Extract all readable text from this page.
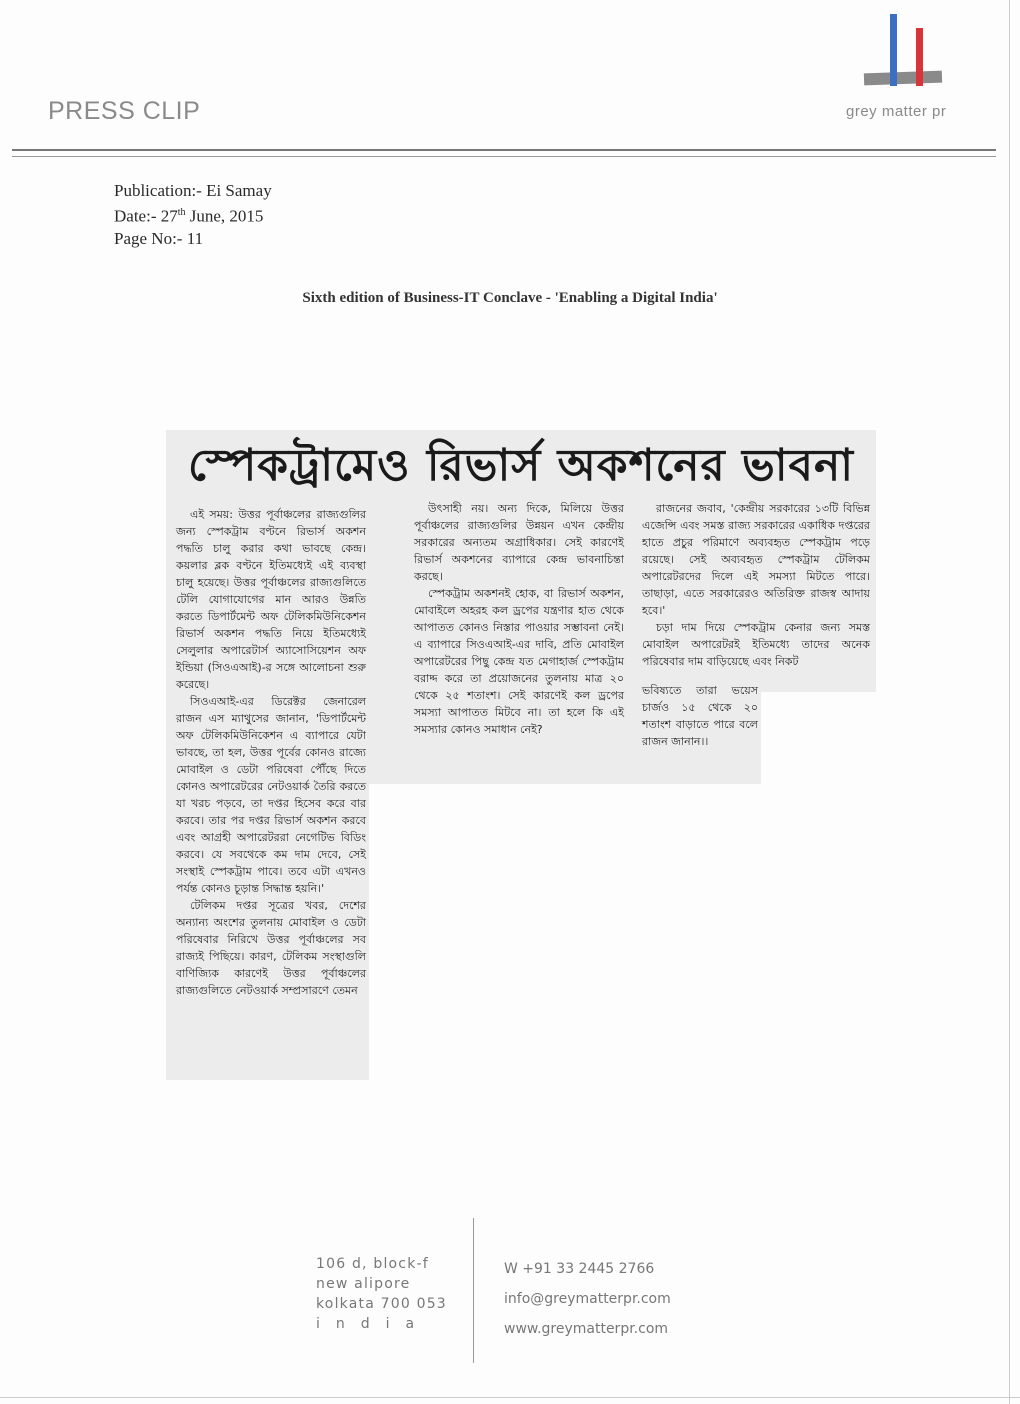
PRESS CLIP	grey matter pr
Publication:- Ei Samay
Date:- 27th June, 2015
Page No:- 11
Sixth edition of Business-IT Conclave - 'Enabling a Digital India'
স্পেকট্রামেও রিভার্স অকশনের ভাবনা

এই সময়: উত্তর পূর্বাঞ্চলের রাজ্যগুলির জন্য স্পেকট্রাম বণ্টনে রিভার্স অকশন পদ্ধতি চালু করার কথা ভাবছে কেন্দ্র। কয়লার ব্লক বণ্টনে ইতিমধ্যেই এই ব্যবস্থা চালু হয়েছে। উত্তর পূর্বাঞ্চলের রাজ্যগুলিতে টেলি যোগাযোগের মান আরও উন্নতি করতে ডিপার্টমেন্ট অফ টেলিকমিউনিকেশন রিভার্স অকশন পদ্ধতি নিয়ে ইতিমধ্যেই সেলুলার অপারেটার্স অ্যাসোসিয়েশন অফ ইন্ডিয়া (সিওএআই)-র সঙ্গে আলোচনা শুরু করেছে।

সিওএআই-এর ডিরেক্টর জেনারেল রাজন এস ম্যাথুসের জানান, 'ডিপার্টমেন্ট অফ টেলিকমিউনিকেশন এ ব্যাপারে যেটা ভাবছে, তা হল, উত্তর পূর্বের কোনও রাজ্যে মোবাইল ও ডেটা পরিষেবা পৌঁছে দিতে কোনও অপারেটরের নেটওয়ার্ক তৈরি করতে যা খরচ পড়বে, তা দপ্তর হিসেব করে বার করবে। তার পর দপ্তর রিভার্স অকশন করবে এবং আগ্রহী অপারেটররা নেগেটিভ বিডিং করবে। যে সবথেকে কম দাম দেবে, সেই সংস্থাই স্পেকট্রাম পাবে। তবে এটা এখনও পর্যন্ত কোনও চূড়ান্ত সিদ্ধান্ত হয়নি।'

টেলিকম দপ্তর সূত্রের খবর, দেশের অন্যান্য অংশের তুলনায় মোবাইল ও ডেটা পরিষেবার নিরিখে উত্তর পূর্বাঞ্চলের সব রাজ্যই পিছিয়ে। কারণ, টেলিকম সংস্থাগুলি বাণিজ্যিক কারণেই উত্তর পূর্বাঞ্চলের রাজ্যগুলিতে নেটওয়ার্ক সম্প্রসারণে তেমন

উৎসাহী নয়। অন্য দিকে, মিলিয়ে উত্তর পূর্বাঞ্চলের রাজ্যগুলির উন্নয়ন এখন কেন্দ্রীয় সরকারের অন্যতম অগ্রাধিকার। সেই কারণেই রিভার্স অকশনের ব্যাপারে কেন্দ্র ভাবনাচিন্তা করছে।

স্পেকট্রাম অকশনই হোক, বা রিভার্স অকশন, মোবাইলে অহরহ কল ড্রপের যন্ত্রণার হাত থেকে আপাতত কোনও নিস্তার পাওয়ার সম্ভাবনা নেই। এ ব্যাপারে সিওএআই-এর দাবি, প্রতি মোবাইল অপারেটরের পিছু কেন্দ্র যত মেগাহার্জ স্পেকট্রাম বরাদ্দ করে তা প্রয়োজনের তুলনায় মাত্র ২০ থেকে ২৫ শতাংশ। সেই কারণেই কল ড্রপের সমস্যা আপাতত মিটবে না। তা হলে কি এই সমস্যার কোনও সমাধান নেই?

রাজনের জবাব, 'কেন্দ্রীয় সরকারের ১৩টি বিভিন্ন এজেন্সি এবং সমস্ত রাজ্য সরকারের একাধিক দপ্তরের হাতে প্রচুর পরিমাণে অব্যবহৃত স্পেকট্রাম পড়ে রয়েছে। সেই অব্যবহৃত স্পেকট্রাম টেলিকম অপারেটরদের দিলে এই সমস্যা মিটতে পারে। তাছাড়া, এতে সরকারেরও অতিরিক্ত রাজস্ব আদায় হবে।'

চড়া দাম দিয়ে স্পেকট্রাম কেনার জন্য সমস্ত মোবাইল অপারেটরই ইতিমধ্যে তাদের অনেক পরিষেবার দাম বাড়িয়েছে এবং নিকট

ভবিষ্যতে তারা ভয়েস চার্জও ১৫ থেকে ২০ শতাংশ বাড়াতে পারে বলে রাজন জানান।।

106 d, block-f
new alipore
kolkata 700 053
india
W +91 33 2445 2766
info@greymatterpr.com
www.greymatterpr.com
